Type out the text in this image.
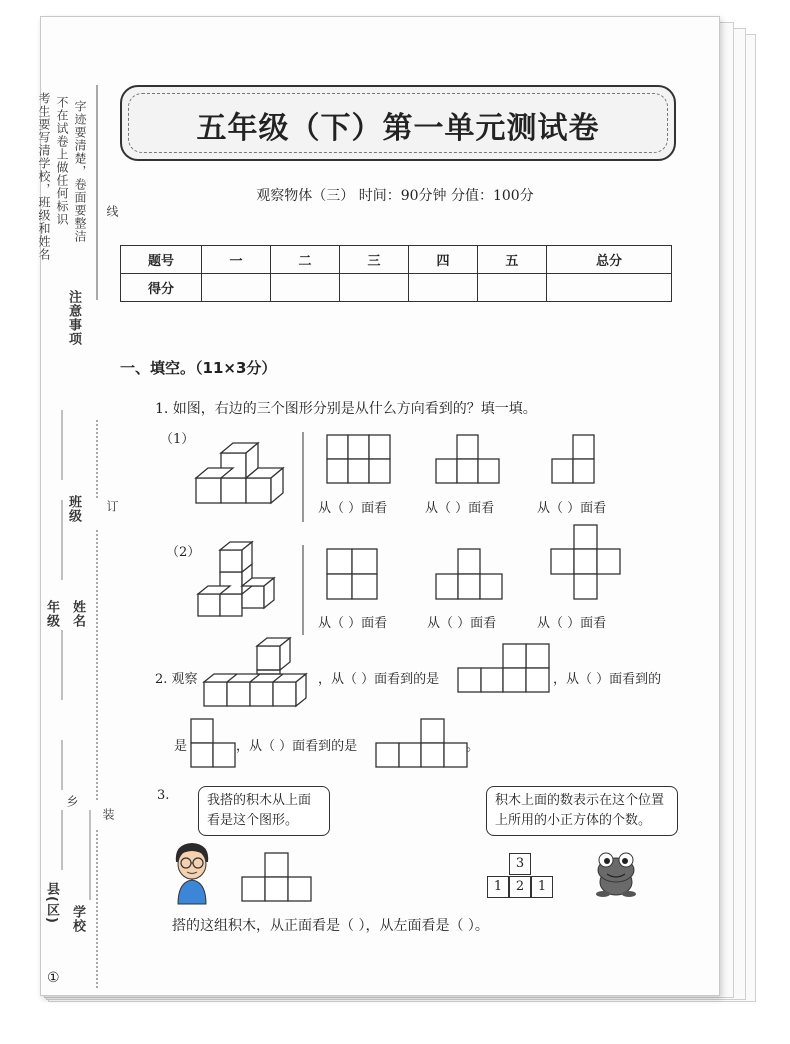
考生要写清学校，班级和姓名 不在试卷上做任何标识 字迹要清楚，卷面要整洁 线
注意事项
班级 订
年级 姓名
乡
装
县(区) 学校
①
五年级（下）第一单元测试卷
观察物体（三） 时间：90分钟 分值：100分
题号	一	二	三	四	五	总分
得分						
一、填空。（11×3分）
1. 如图，右边的三个图形分别是从什么方向看到的？填一填。
（1）
从（ ）面看	从（ ）面看	从（ ）面看
（2）
从（ ）面看	从（ ）面看	从（ ）面看
2. 观察	，从（ ）面看到的是	，从（ ）面看到的
是	，从（ ）面看到的是	。
3.	我搭的积木从上面看是这个图形。
积木上面的数表示在这个位置上所用的小正方体的个数。
3
1	2	1
搭的这组积木，从正面看是（ ），从左面看是（ ）。
